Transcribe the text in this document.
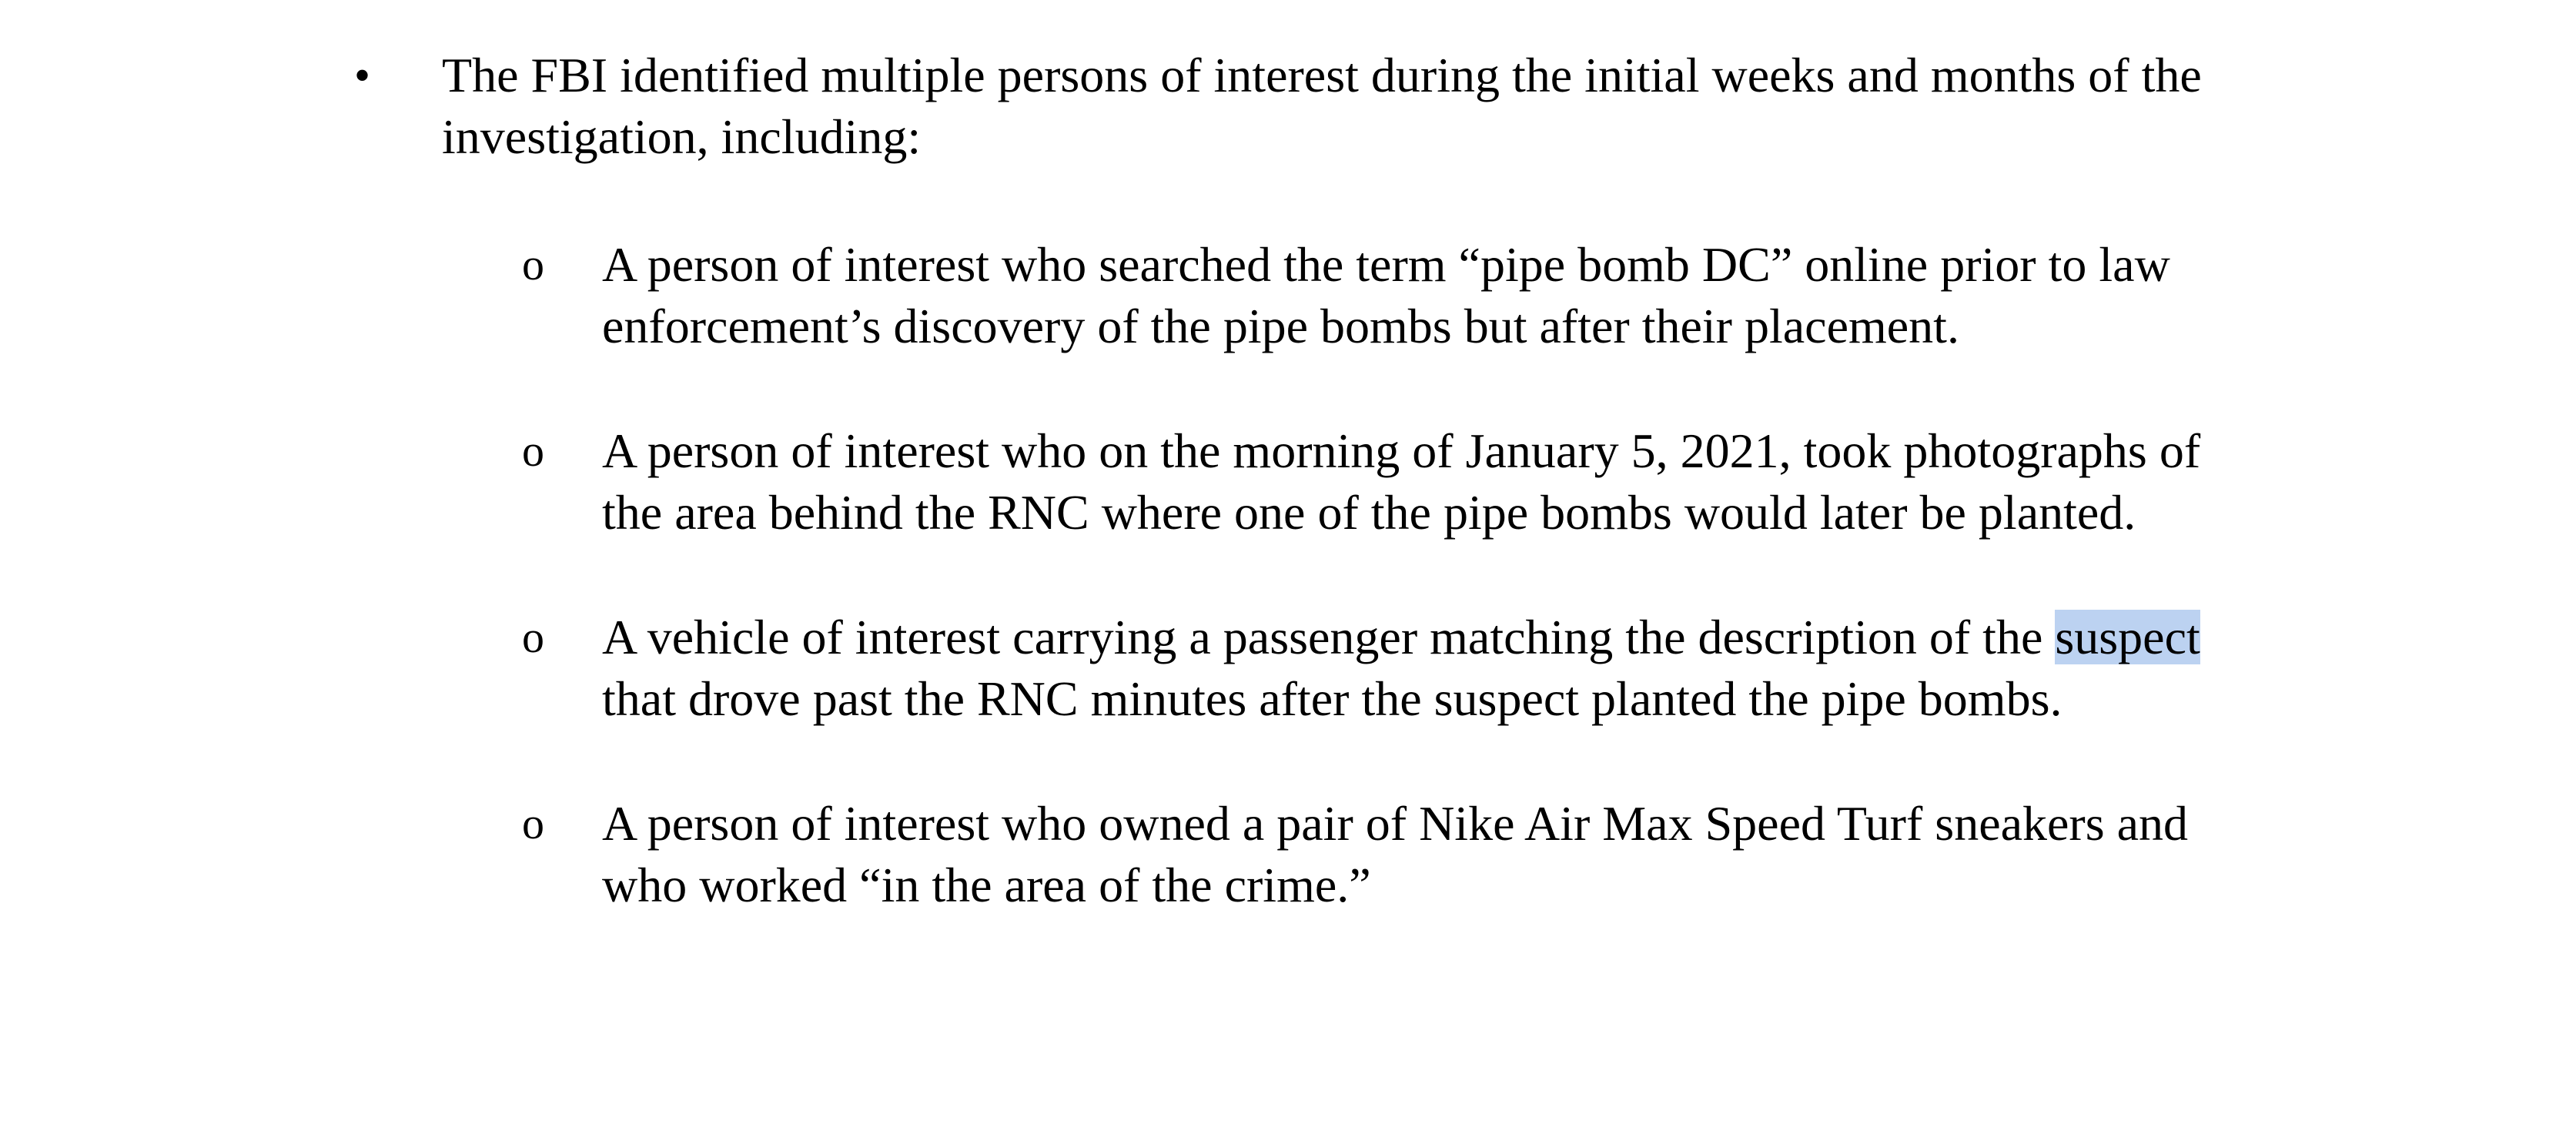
• The FBI identified multiple persons of interest during the initial weeks and months of the
investigation, including:
o A person of interest who searched the term “pipe bomb DC” online prior to law
enforcement’s discovery of the pipe bombs but after their placement.
o A person of interest who on the morning of January 5, 2021, took photographs of
the area behind the RNC where one of the pipe bombs would later be planted.
o A vehicle of interest carrying a passenger matching the description of the suspect
that drove past the RNC minutes after the suspect planted the pipe bombs.
o A person of interest who owned a pair of Nike Air Max Speed Turf sneakers and
who worked “in the area of the crime.”
